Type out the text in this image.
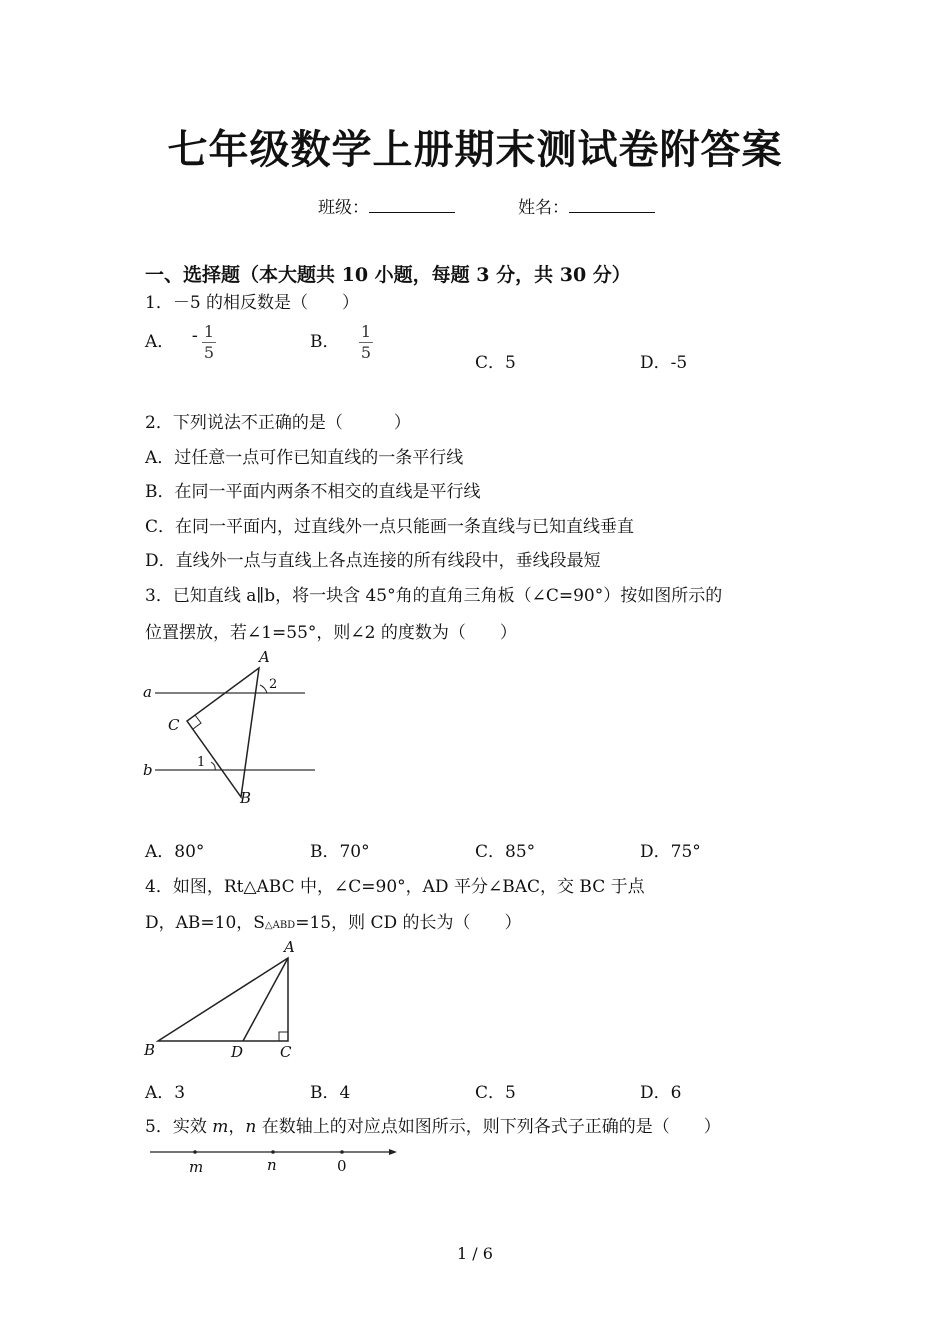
七年级数学上册期末测试卷附答案
班级：	姓名：
一、选择题（本大题共 10 小题，每题 3 分，共 30 分）
1．－5 的相反数是（　　）
A． - $\frac{1}{5}$	B． $\frac{1}{5}$	C．5	D．-5
2．下列说法不正确的是（　　　）
A．过任意一点可作已知直线的一条平行线
B．在同一平面内两条不相交的直线是平行线
C．在同一平面内，过直线外一点只能画一条直线与已知直线垂直
D．直线外一点与直线上各点连接的所有线段中，垂线段最短
3．已知直线 a∥b，将一块含 45°角的直角三角板（∠C=90°）按如图所示的
位置摆放，若∠1=55°，则∠2 的度数为（　　）
a
b
A
C
B
1
2
A．80°	B．70°	C．85°	D．75°
4．如图，Rt△ABC 中，∠C=90°，AD 平分∠BAC，交 BC 于点
D，AB=10，S△ABD=15，则 CD 的长为（　　）
A
B	D C
A．3	B．4	C．5	D．6
5．实效 m，n 在数轴上的对应点如图所示，则下列各式子正确的是（　　）
m	n	0
1 / 6
